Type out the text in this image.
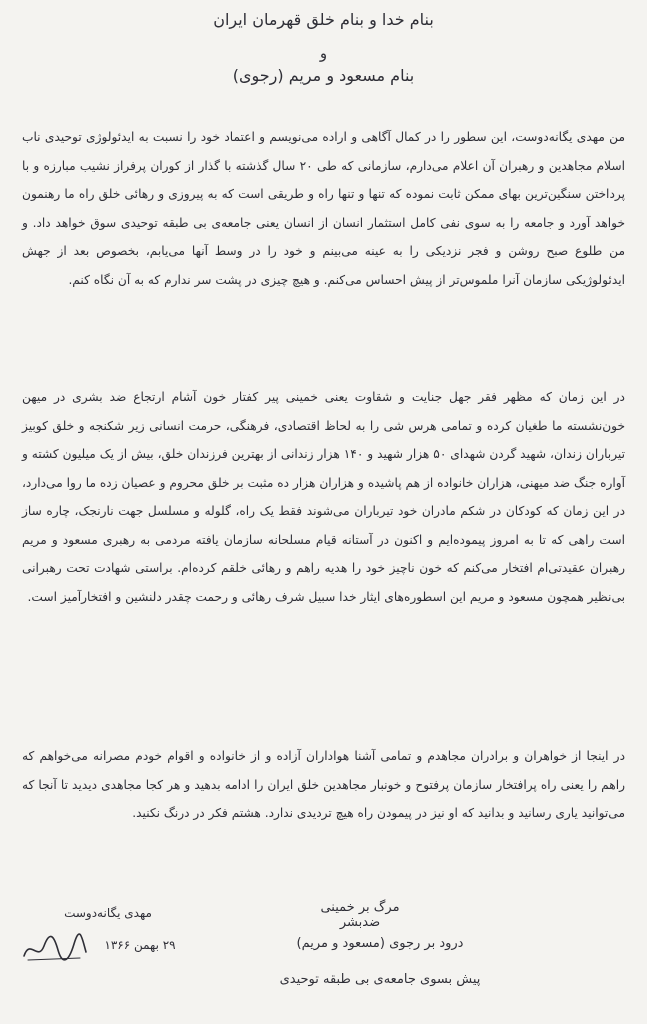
بنام خدا و بنام خلق قهرمان ایران
و
بنام مسعود و مریم (رجوی)
من مهدی یگانه‌دوست، این سطور را در کمال آگاهی و اراده می‌نویسم و اعتماد خود را نسبت به ایدئولوژی توحیدی ناب اسلام مجاهدین و رهبران آن اعلام می‌دارم، سازمانی که طی ۲۰ سال گذشته با گذار از کوران پرفراز نشیب مبارزه و با پرداختن سنگین‌ترین بهای ممکن ثابت نموده که تنها و تنها راه و طریقی است که به پیروزی و رهائی خلق راه ما رهنمون خواهد آورد و جامعه را به سوی نفی کامل استثمار انسان از انسان یعنی جامعه‌ی بی طبقه توحیدی سوق خواهد داد. و من طلوع صبح روشن و فجر نزدیکی را به عینه می‌بینم و خود را در وسط آنها می‌یابم، بخصوص بعد از جهش ایدئولوژیکی سازمان آنرا ملموس‌تر از پیش احساس می‌کنم. و هیچ چیزی در پشت سر ندارم که به آن نگاه کنم.
در این زمان که مظهر فقر جهل جنایت و شقاوت یعنی خمینی پیر کفتار خون آشام ارتجاع ضد بشری در میهن خون‌نشسته ما طغیان کرده و تمامی هرس شی را به لحاظ اقتصادی، فرهنگی، حرمت انسانی زیر شکنجه و خلق کوبیز تیرباران زندان، شهید گردن شهدای ۵۰ هزار شهید و ۱۴۰ هزار زندانی از بهترین فرزندان خلق، بیش از یک میلیون کشته و آواره جنگ ضد میهنی، هزاران خانواده از هم پاشیده و هزاران هزار ده مثبت بر خلق محروم و عصیان زده ما روا می‌دارد، در این زمان که کودکان در شکم مادران خود تیرباران می‌شوند فقط یک راه، گلوله و مسلسل جهت نارنجک، چاره ساز است راهی که تا به امروز پیموده‌ایم و اکنون در آستانه قیام مسلحانه سازمان یافته مردمی به رهبری مسعود و مریم رهبران عقیدتی‌ام افتخار می‌کنم که خون ناچیز خود را هدیه راهم و رهائی خلقم کرده‌ام. براستی شهادت تحت رهبرانی بی‌نظیر همچون مسعود و مریم این اسطوره‌های ایثار خدا سبیل شرف رهائی و رحمت چقدر دلنشین و افتخارآمیز است.
در اینجا از خواهران و برادران مجاهدم و تمامی آشنا هواداران آزاده و از خانواده و اقوام خودم مصرانه می‌خواهم که راهم را یعنی راه پرافتخار سازمان پرفتوح و خونبار مجاهدین خلق ایران را ادامه بدهید و هر کجا مجاهدی دیدید تا آنجا که می‌توانید یاری رسانید و بدانید که او نیز در پیمودن راه هیچ تردیدی ندارد. هشتم فکر در درنگ نکنید.
مرگ بر خمینی ضدبشر
درود بر رجوی (مسعود و مریم)
پیش بسوی جامعه‌ی بی طبقه توحیدی
مهدی یگانه‌دوست
۲۹ بهمن ۱۳۶۶
